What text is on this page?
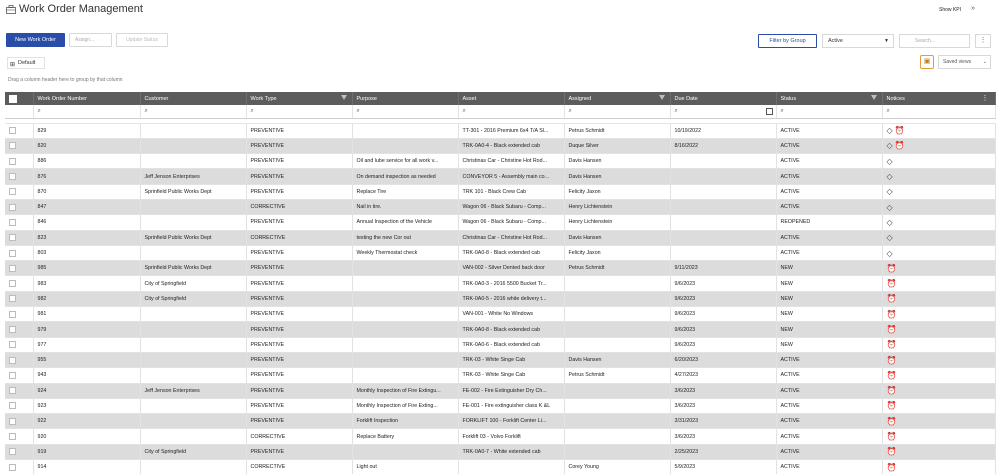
Work Order Management	Show KPI »
New Work Order	Assign...	Update Status	Filter by Group	Active	▼	Search...	⋮
⊞ Default	▣	Saved views ⌄
Drag a column header here to group by that column
	Work Order Number	Customer	Work Type	Purpose	Asset	Assigned	Due Date	Status	Notices ⋮

	⌕	⌕	⌕	⌕	⌕	⌕	⌕	⌕	⌕

	829		PREVENTIVE		TT-301 - 2016 Premium 6x4 T/A Sl...	Petrus Schmidt	10/19/2022	ACTIVE	◇ ⏰
	820		PREVENTIVE		TRK-0A0-4 - Black extended cab	Duque Silver	8/16/2022	ACTIVE	◇ ⏰
	886		PREVENTIVE	Oil and lube service for all work v...	Christinas Car - Christine Hot Rod...	Davis Hansen		ACTIVE	◇
	876	Jeff Jenson Enterprises	PREVENTIVE	On demand inspection as needed	CONVEYOR 5 - Assembly main co...	Davis Hansen		ACTIVE	◇
	870	Sprinfield Public Works Dept	PREVENTIVE	Replace Tire	TRK 101 - Black Crew Cab	Felicity Jaxon		ACTIVE	◇
	847		CORRECTIVE	Nail in tire.	Wagon 06 - Black Subaru - Comp...	Henry Lichtenstein		ACTIVE	◇
	846		PREVENTIVE	Annual Inspection of the Vehicle	Wagon 06 - Black Subaru - Comp...	Henry Lichtenstein		REOPENED	◇
	823	Sprinfield Public Works Dept	CORRECTIVE	testing the new Cor out	Christinas Car - Christine Hot Rod...	Davis Hansen		ACTIVE	◇
	803		PREVENTIVE	Weekly Thermostat check	TRK-0A0-8 - Black extended cab	Felicity Jaxon		ACTIVE	◇
	985	Sprinfield Public Works Dept	PREVENTIVE		VAN-002 - Silver Dented back door	Petrus Schmidt	9/11/2023	NEW	⏰
	983	City of Springfield	PREVENTIVE		TRK-0A0-3 - 2016 5500 Bucket Tr...		9/6/2023	NEW	⏰
	982	City of Springfield	PREVENTIVE		TRK-0A0-5 - 2016 white delivery t...		9/6/2023	NEW	⏰
	981		PREVENTIVE		VAN-001 - White No Windows		9/6/2023	NEW	⏰
	979		PREVENTIVE		TRK-0A0-8 - Black extended cab		9/6/2023	NEW	⏰
	977		PREVENTIVE		TRK-0A0-6 - Black extended cab		9/6/2023	NEW	⏰
	955		PREVENTIVE		TRK-03 - White Singe Cab	Davis Hansen	6/20/2023	ACTIVE	⏰
	943		PREVENTIVE		TRK-03 - White Singe Cab	Petrus Schmidt	4/27/2023	ACTIVE	⏰
	924	Jeff Jenson Enterprises	PREVENTIVE	Monthly Inspection of Fire Extingu...	FE-002 - Fire Extinguisher Dry Ch...		3/6/2023	ACTIVE	⏰
	923		PREVENTIVE	Monthly Inspection of Fire Exting...	FE-001 - Fire extinguisher class K &L		3/6/2023	ACTIVE	⏰
	922		PREVENTIVE	Forklift Inspection	FORKLIFT 100 - Forklift Center Li...		3/31/2023	ACTIVE	⏰
	920		CORRECTIVE	Replace Battery	Forklift 03 - Volvo Forklift		3/6/2023	ACTIVE	⏰
	919	City of Springfield	PREVENTIVE		TRK-0A0-7 - White extended cab		2/25/2023	ACTIVE	⏰
	914		CORRECTIVE	Light out		Corey Young	5/9/2023	ACTIVE	⏰
